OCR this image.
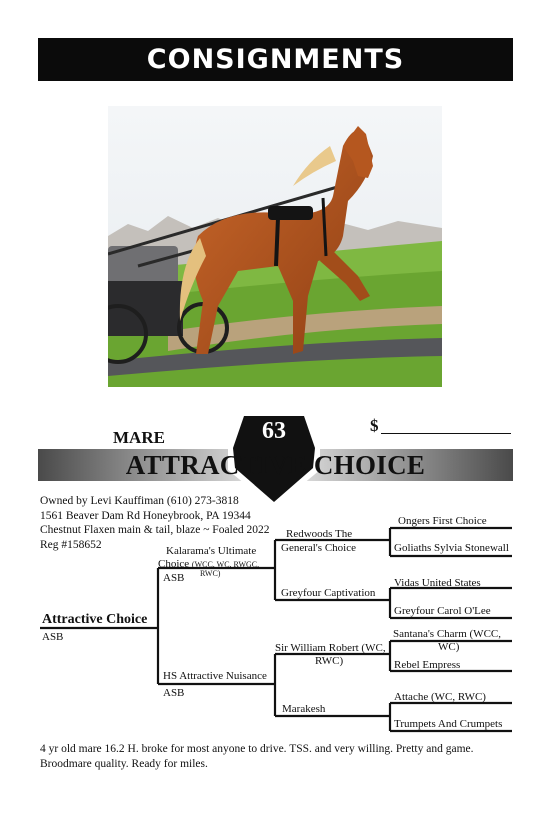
CONSIGNMENTS
MARE
$
63
ATTRACTIVE CHOICE
Owned by Levi Kauffiman (610) 273-3818
1561 Beaver Dam Rd Honeybrook, PA 19344
Chestnut Flaxen main & tail, blaze ~ Foaled 2022
Reg #158652
Attractive Choice
ASB
Kalarama's Ultimate
Choice (WCC, WC, RWGC,
RWC)
ASB
HS Attractive Nuisance
ASB
Redwoods The
General's Choice
Greyfour Captivation
Sir William Robert (WC,
RWC)
Marakesh
Ongers First Choice
Goliaths Sylvia Stonewall
Vidas United States
Greyfour Carol O'Lee
Santana's Charm (WCC,
WC)
Rebel Empress
Attache (WC, RWC)
Trumpets And Crumpets
4 yr old mare 16.2 H. broke for most anyone to drive. TSS. and very willing. Pretty and game. Broodmare quality. Ready for miles.
